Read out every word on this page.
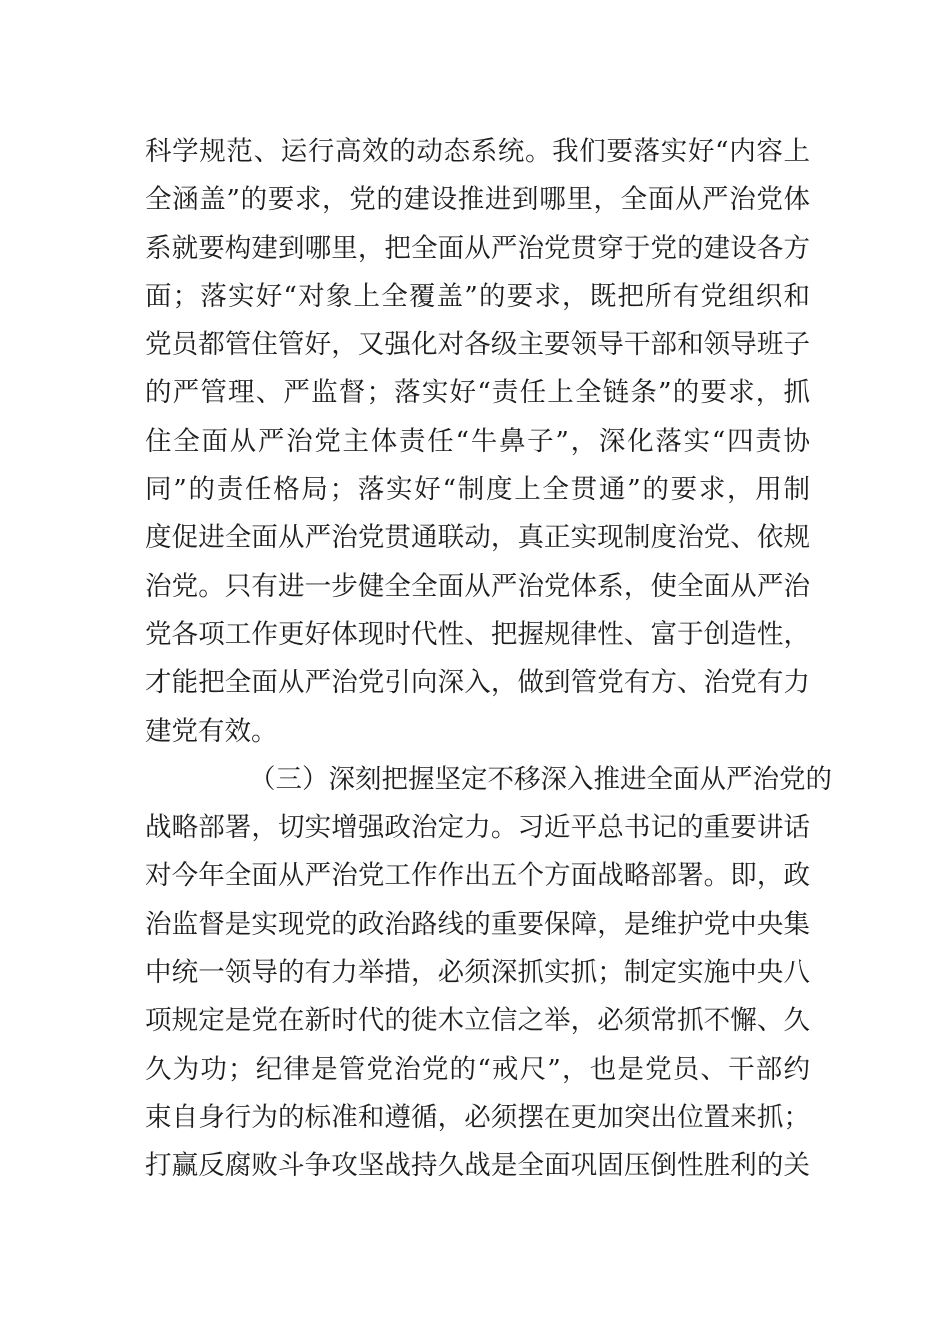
科学规范、运行高效的动态系统。我们要落实好“内容上
全涵盖”的要求，党的建设推进到哪里，全面从严治党体
系就要构建到哪里，把全面从严治党贯穿于党的建设各方
面；落实好“对象上全覆盖”的要求，既把所有党组织和
党员都管住管好，又强化对各级主要领导干部和领导班子
的严管理、严监督；落实好“责任上全链条”的要求，抓
住全面从严治党主体责任“牛鼻子”，深化落实“四责协
同”的责任格局；落实好“制度上全贯通”的要求，用制
度促进全面从严治党贯通联动，真正实现制度治党、依规
治党。只有进一步健全全面从严治党体系，使全面从严治
党各项工作更好体现时代性、把握规律性、富于创造性，
才能把全面从严治党引向深入，做到管党有方、治党有力
建党有效。
（三）深刻把握坚定不移深入推进全面从严治党的
战略部署，切实增强政治定力。习近平总书记的重要讲话
对今年全面从严治党工作作出五个方面战略部署。即，政
治监督是实现党的政治路线的重要保障，是维护党中央集
中统一领导的有力举措，必须深抓实抓；制定实施中央八
项规定是党在新时代的徙木立信之举，必须常抓不懈、久
久为功；纪律是管党治党的“戒尺”，也是党员、干部约
束自身行为的标准和遵循，必须摆在更加突出位置来抓；
打赢反腐败斗争攻坚战持久战是全面巩固压倒性胜利的关
